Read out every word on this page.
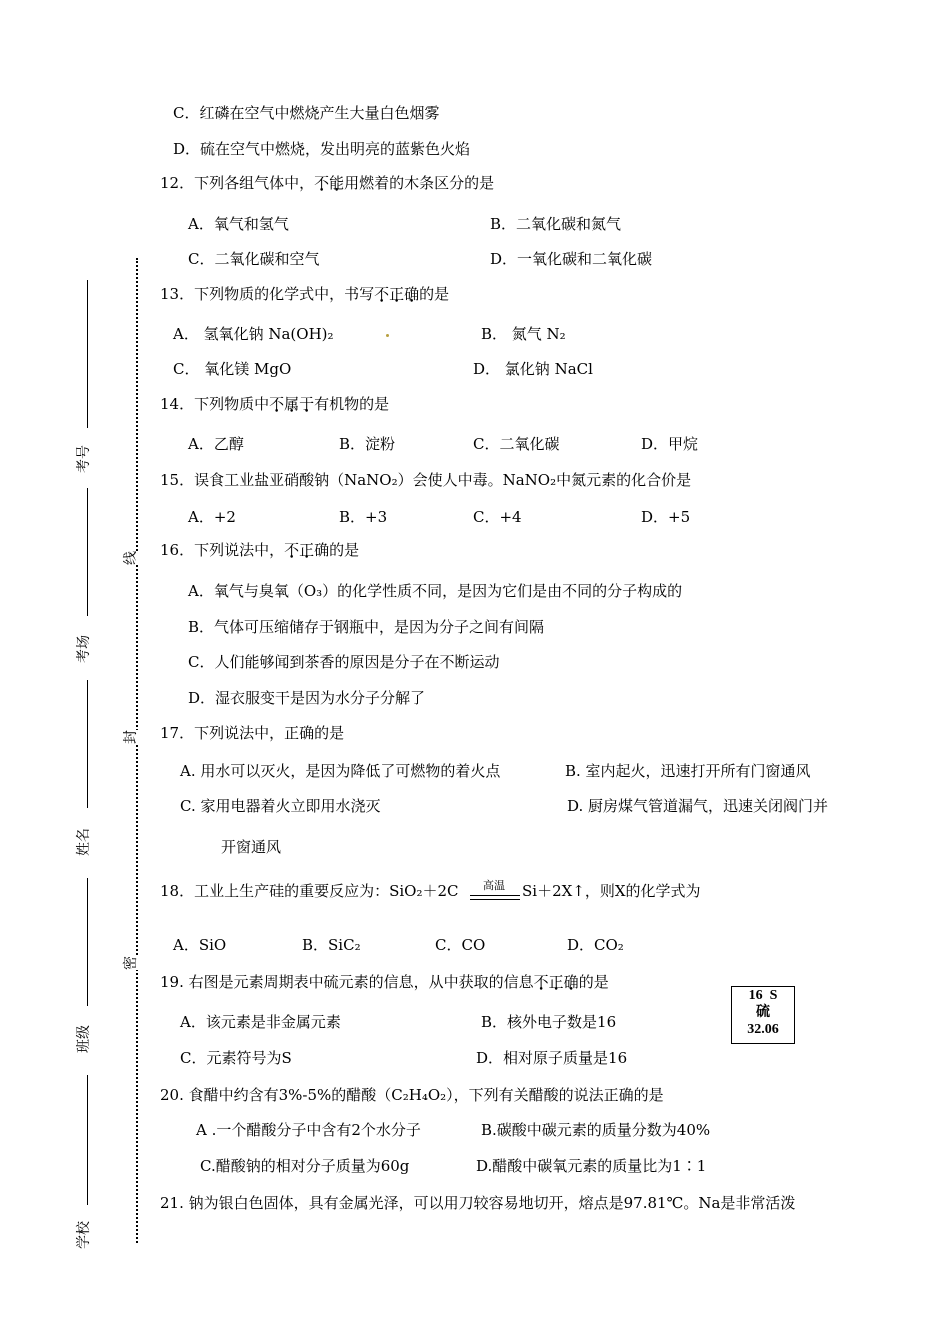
考号
考场
姓名
班级
学校
线
封
密
C．红磷在空气中燃烧产生大量白色烟雾
D．硫在空气中燃烧，发出明亮的蓝紫色火焰
12．下列各组气体中，不能用燃着的木条区分的是
A．氧气和氢气	B．二氧化碳和氮气
C．二氧化碳和空气	D．一氧化碳和二氧化碳
13．下列物质的化学式中，书写不正确的是
A． 氢氧化钠 Na(OH)₂	B． 氮气 N₂
C． 氧化镁 MgO	D． 氯化钠 NaCl
14．下列物质中不属于有机物的是
A．乙醇	B．淀粉	C．二氧化碳	D．甲烷
15．误食工业盐亚硝酸钠（NaNO₂）会使人中毒。NaNO₂中氮元素的化合价是
A．+2	B．+3	C．+4	D．+5
16．下列说法中，不正确的是
A．氧气与臭氧（O₃）的化学性质不同，是因为它们是由不同的分子构成的
B．气体可压缩储存于钢瓶中，是因为分子之间有间隔
C．人们能够闻到茶香的原因是分子在不断运动
D．湿衣服变干是因为水分子分解了
17．下列说法中，正确的是
A. 用水可以灭火，是因为降低了可燃物的着火点	B. 室内起火，迅速打开所有门窗通风
C. 家用电器着火立即用水浇灭	D. 厨房煤气管道漏气，迅速关闭阀门并
开窗通风
18．工业上生产硅的重要反应为：SiO₂＋2C	高温	Si＋2X↑，则X的化学式为
A．SiO	B．SiC₂	C．CO	D．CO₂
19. 右图是元素周期表中硫元素的信息，从中获取的信息不正确的是
16 S
硫
32.06
A．该元素是非金属元素	B．核外电子数是16
C．元素符号为S	D．相对原子质量是16
20. 食醋中约含有3%-5%的醋酸（C₂H₄O₂），下列有关醋酸的说法正确的是
A .一个醋酸分子中含有2个水分子	B.碳酸中碳元素的质量分数为40%
C.醋酸钠的相对分子质量为60g	D.醋酸中碳氧元素的质量比为1∶1
21. 钠为银白色固体，具有金属光泽，可以用刀较容易地切开，熔点是97.81℃。Na是非常活泼
